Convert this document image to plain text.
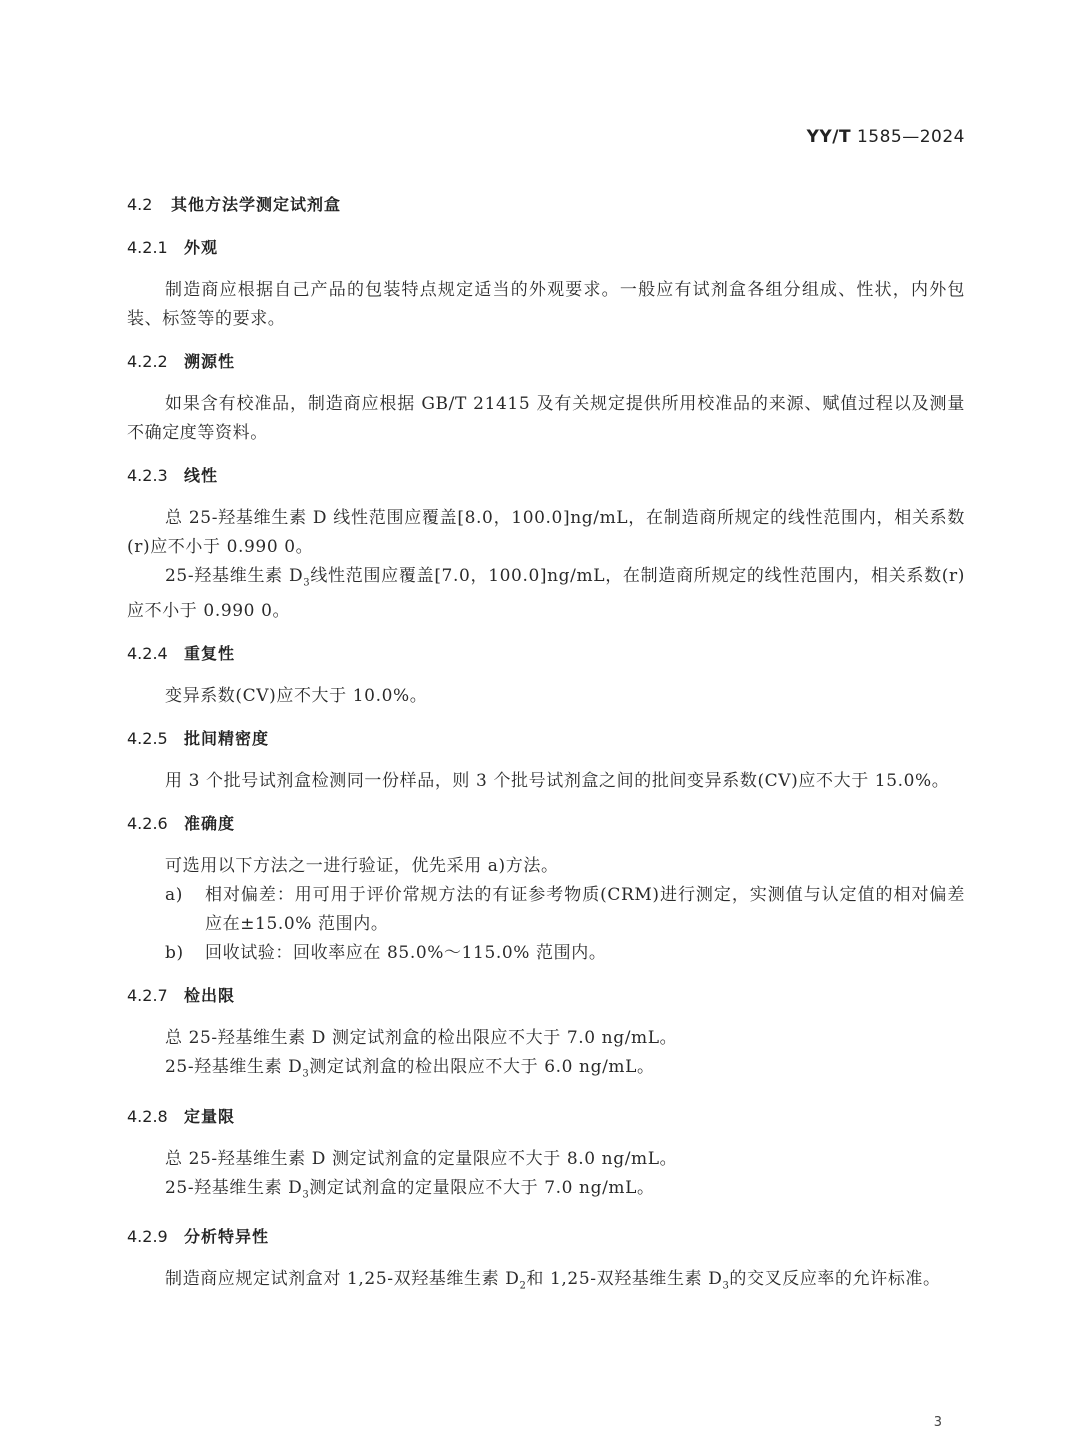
YY/T 1585—2024
4.2 其他方法学测定试剂盒
4.2.1 外观

制造商应根据自己产品的包装特点规定适当的外观要求。一般应有试剂盒各组分组成、性状，内外包装、标签等的要求。

4.2.2 溯源性

如果含有校准品，制造商应根据 GB/T 21415 及有关规定提供所用校准品的来源、赋值过程以及测量不确定度等资料。

4.2.3 线性

总 25-羟基维生素 D 线性范围应覆盖[8.0，100.0]ng/mL，在制造商所规定的线性范围内，相关系数(r)应不小于 0.990 0。

25-羟基维生素 $D_3$线性范围应覆盖[7.0，100.0]ng/mL，在制造商所规定的线性范围内，相关系数(r)应不小于 0.990 0。

4.2.4 重复性

变异系数(CV)应不大于 10.0%。

4.2.5 批间精密度

用 3 个批号试剂盒检测同一份样品，则 3 个批号试剂盒之间的批间变异系数(CV)应不大于 15.0%。

4.2.6 准确度

可选用以下方法之一进行验证，优先采用 a)方法。

a) 相对偏差：用可用于评价常规方法的有证参考物质(CRM)进行测定，实测值与认定值的相对偏差应在±15.0% 范围内。
b) 回收试验：回收率应在 85.0%～115.0% 范围内。
4.2.7 检出限

总 25-羟基维生素 D 测定试剂盒的检出限应不大于 7.0 ng/mL。

25-羟基维生素 $D_3$测定试剂盒的检出限应不大于 6.0 ng/mL。

4.2.8 定量限

总 25-羟基维生素 D 测定试剂盒的定量限应不大于 8.0 ng/mL。

25-羟基维生素 $D_3$测定试剂盒的定量限应不大于 7.0 ng/mL。

4.2.9 分析特异性

制造商应规定试剂盒对 1,25-双羟基维生素 $D_2$和 1,25-双羟基维生素 $D_3$的交叉反应率的允许标准。

3
